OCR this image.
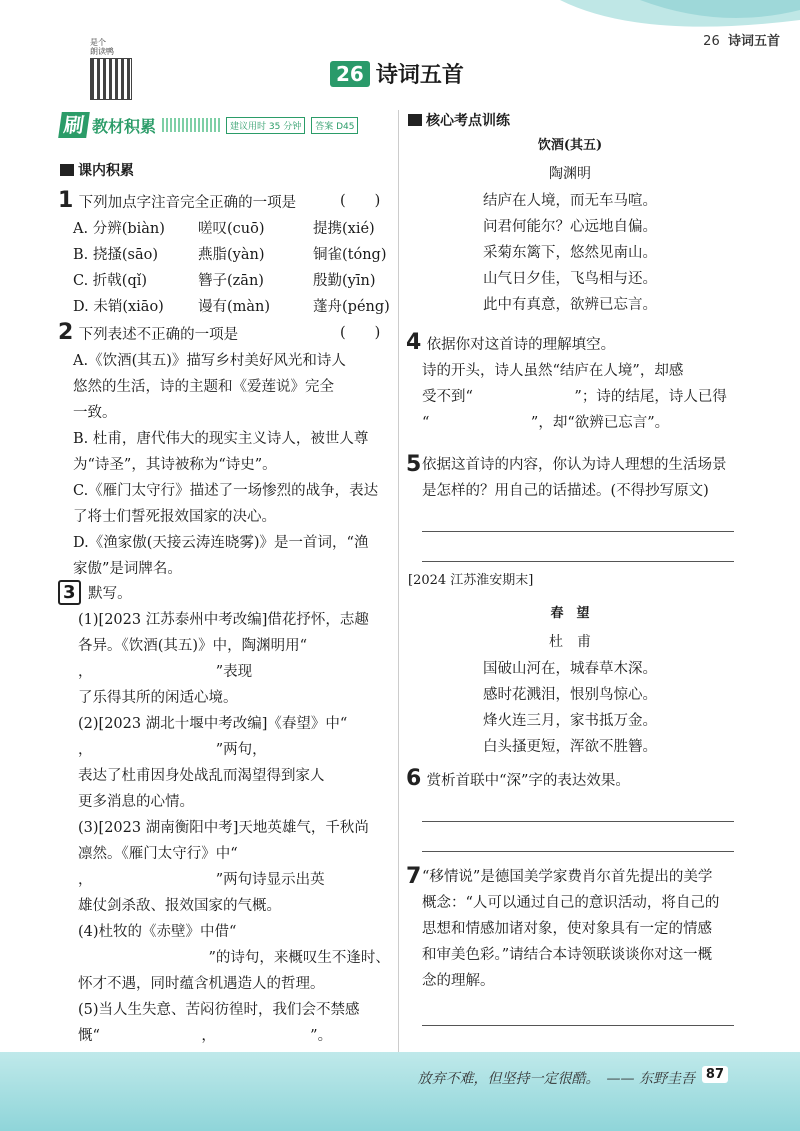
26 诗词五首
是个
朗读鸭
26 诗词五首
刷 教材积累	建议用时 35 分钟	答案 D45
课内积累
1 下列加点字注音完全正确的一项是	(　　)
A. 分辨(biàn) 嗟叹(cuō)	提携(xié)
B. 挠搔(sāo)	燕脂(yàn)	铜雀(tóng)
C. 折戟(qǐ)	簪子(zān)	殷勤(yīn)
D. 未销(xiāo) 谩有(màn)	蓬舟(péng)
2 下列表述不正确的一项是	(　　)
A.《饮酒(其五)》描写乡村美好风光和诗人
悠然的生活，诗的主题和《爱莲说》完全
一致。
B. 杜甫，唐代伟大的现实主义诗人，被世人尊
为“诗圣”，其诗被称为“诗史”。
C.《雁门太守行》描述了一场惨烈的战争，表达
了将士们誓死报效国家的决心。
D.《渔家傲(天接云涛连晓雾)》是一首词，“渔
家傲”是词牌名。
3 默写。
(1)[2023 江苏泰州中考改编]借花抒怀，志趣
各异。《饮酒(其五)》中，陶渊明用“
，　　　　　　　　　”表现
了乐得其所的闲适心境。
(2)[2023 湖北十堰中考改编]《春望》中“
，　　　　　　　　　”两句，
表达了杜甫因身处战乱而渴望得到家人
更多消息的心情。
(3)[2023 湖南衡阳中考]天地英雄气，千秋尚
凛然。《雁门太守行》中“
，　　　　　　　　　”两句诗显示出英
雄仗剑杀敌、报效国家的气概。
(4)杜牧的《赤壁》中借“
　　　　　　　　　”的诗句，来概叹生不逢时、
怀才不遇，同时蕴含机遇造人的哲理。
(5)当人生失意、苦闷彷徨时，我们会不禁感
慨“　　　　　　　，　　　　　　　”。
核心考点训练
饮酒(其五)
陶渊明
结庐在人境，而无车马喧。
问君何能尔？心远地自偏。
采菊东篱下，悠然见南山。
山气日夕佳，飞鸟相与还。
此中有真意，欲辨已忘言。
4 依据你对这首诗的理解填空。
诗的开头，诗人虽然“结庐在人境”，却感
受不到“　　　　　　　”；诗的结尾，诗人已得
“　　　　　　　”，却“欲辨已忘言”。
5 依据这首诗的内容，你认为诗人理想的生活场景
是怎样的？用自己的话描述。(不得抄写原文)
[2024 江苏淮安期末]
春　望
杜　甫
国破山河在，城春草木深。
感时花溅泪，恨别鸟惊心。
烽火连三月，家书抵万金。
白头搔更短，浑欲不胜簪。
6 赏析首联中“深”字的表达效果。
7 “移情说”是德国美学家费肖尔首先提出的美学
概念：“人可以通过自己的意识活动，将自己的
思想和情感加诸对象，使对象具有一定的情感
和审美色彩。”请结合本诗领联谈谈你对这一概
念的理解。
放弃不难，但坚持一定很酷。　—— 东野圭吾 87
